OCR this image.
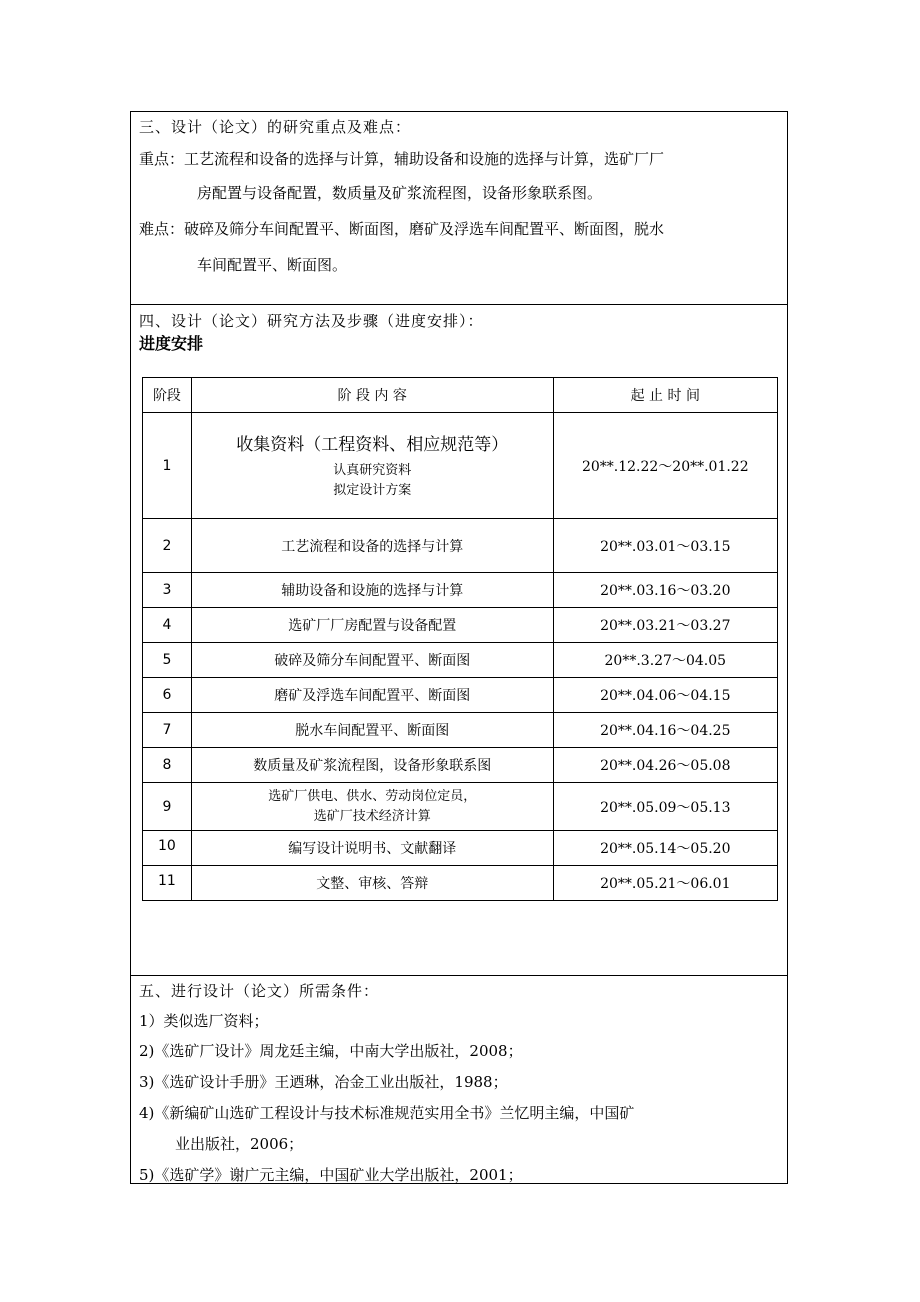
三、设计（论文）的研究重点及难点：
重点：工艺流程和设备的选择与计算，辅助设备和设施的选择与计算，选矿厂厂
房配置与设备配置，数质量及矿浆流程图，设备形象联系图。
难点：破碎及筛分车间配置平、断面图，磨矿及浮选车间配置平、断面图，脱水
车间配置平、断面图。
四、设计（论文）研究方法及步骤（进度安排）：
进度安排
阶段	阶 段 内 容	起 止 时 间
1	收集资料（工程资料、相应规范等）
认真研究资料
拟定设计方案	20**.12.22～20**.01.22
2	工艺流程和设备的选择与计算	20**.03.01～03.15
3	辅助设备和设施的选择与计算	20**.03.16～03.20
4	选矿厂厂房配置与设备配置	20**.03.21～03.27
5	破碎及筛分车间配置平、断面图	20**.3.27～04.05
6	磨矿及浮选车间配置平、断面图	20**.04.06～04.15
7	脱水车间配置平、断面图	20**.04.16～04.25
8	数质量及矿浆流程图，设备形象联系图	20**.04.26～05.08
9	选矿厂供电、供水、劳动岗位定员，
选矿厂技术经济计算	20**.05.09～05.13

10	编写设计说明书、文献翻译	20**.05.14～05.20

11	文整、审核、答辩	20**.05.21～06.01
五、进行设计（论文）所需条件：
1）类似选厂资料；
2)《选矿厂设计》周龙廷主编，中南大学出版社，2008；
3)《选矿设计手册》王迺琳，冶金工业出版社，1988；
4)《新编矿山选矿工程设计与技术标准规范实用全书》兰忆明主编，中国矿
业出版社，2006；
5)《选矿学》谢广元主编，中国矿业大学出版社，2001；
